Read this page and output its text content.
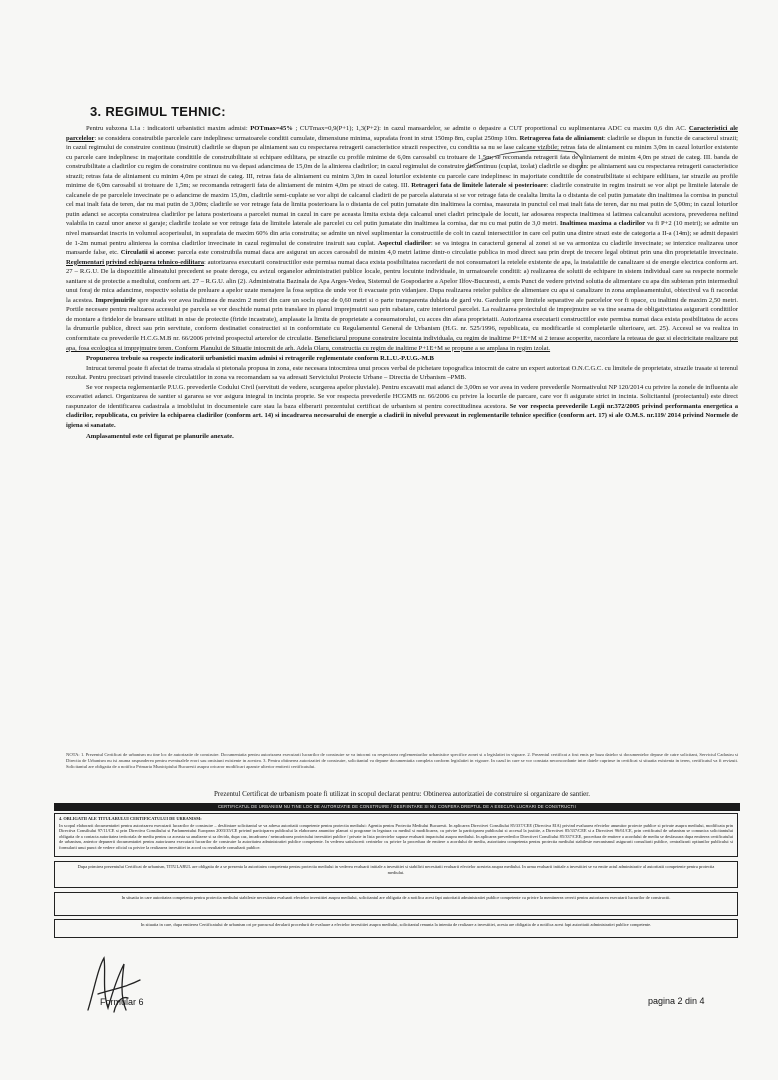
3. REGIMUL TEHNIC:

Pentru subzona L1a : indicatorii urbanistici maxim admisi: POTmax=45% ; CUTmax=0,9(P+1); 1,3(P+2): in cazul mansardelor, se admite o depasire a CUT proportional cu suplimentarea ADC cu maxim 0,6 din AC. Caracteristici ale parcelelor: se considera construibile parcelele care indeplinesc urmatoarele conditii cumulate, dimensiune minima, suprafata front in strut 150mp 8m, cuplat 250mp 10m. Retragerea fata de aliniament: cladirile se dispun in functie de caracterul strazii; in cazul regimului de construire continuu (insiruit) cladirile se dispun pe aliniament sau cu respectarea retragerii caracteristice strazii respective, cu conditia sa nu se lase calcane vizibile; retras fata de aliniament cu minim 3,0m in cazul loturilor existente cu parcele care indeplinesc in majoritate conditiile de construibilitate si echipare edilitara, pe strazile cu profile minime de 6,0m carosabil cu trotuare de 1,5m; se recomanda retragerii fata de aliniament de minim 4,0m pe strazi de categ. III. banda de construibilitate a cladirilor cu regim de construire continuu nu va depasi adancimea de 15,0m de la alinierea cladirilor; in cazul regimului de construire discontinuu (cuplat, izolat) cladirile se dispun: pe aliniament sau cu respectarea retragerii caracteristice strazii; retras fata de aliniament cu minim 4,0m pe strazi de categ. III, retras fata de aliniament cu minim 3,0m in cazul loturilor existente cu parcele care indeplinesc in majoritate conditiile de construibilitate si echipare edilitara, iar strazile au profile minime de 6,0m carosabil si trotuare de 1,5m; se recomanda retragerii fata de aliniament de minim 4,0m pe strazi de categ. III. Retrageri fata de limitele laterale si posterioare: cladirile construite in regim insiruit se vor alipi pe limitele laterale de calcanele de pe parcelele invecinate pe o adancime de maxim 15,0m, cladirile semi-cuplate se vor alipi de calcanul cladirii de pe parcela alaturata si se vor retrage fata de cealalta limita la o distanta de cel putin jumatate din inaltimea la cornisa in punctul cel mai inalt fata de teren, dar nu mai putin de 3,00m; cladirile se vor retrage fata de limita posterioara la o distanta de cel putin jumatate din inaltimea la cornisa, masurata in punctul cel mai inalt fata de teren, dar nu mai putin de 5,00m; in cazul loturilor putin adanci se accepta construirea cladirilor pe latura posterioara a parcelei numai in cazul in care pe aceasta limita exista deja calcanul unei cladiri principale de locuit, iar adosarea respecta inaltimea si latimea calcanului acestora, prevederea nefiind valabila in cazul unor anexe si garaje; cladirile izolate se vor retrage fata de limitele laterale ale parcelei cu cel putin jumatate din inaltimea la cornisa, dar nu cu mai putin de 3,0 metri. Inaltimea maxima a cladirilor va fi P+2 (10 metri); se admite un nivel mansardat inscris in volumul acoperisului, in suprafata de maxim 60% din aria construita; se admite un nivel suplimentar la constructiile de colt in cazul intersectiilor in care cel putin una dintre strazi este de categoria a II-a (14m); se admit depasiri de 1-2m numai pentru alinierea la cornisa cladirilor invecinate in cazul regimului de construire insiruit sau cuplat. Aspectul cladirilor: se va integra in caracterul general al zonei si se va armoniza cu cladirile invecinate; se interzice realizarea unor mansarde false, etc. Circulatii si accese: parcela este construibila numai daca are asigurat un acces carosabil de minim 4,0 metri latime dintr-o circulatie publica in mod direct sau prin drept de trecere legal obtinut prin una din proprietatile invecinate. Reglementari privind echiparea tehnico-edilitara: autorizarea executarii constructiilor este permisa numai daca exista posibilitatea racordarii de noi consumatori la retelele existente de apa, la instalatiile de canalizare si de energie electrica conform art. 27 – R.G.U. De la dispozitiile alineatului precedent se poate deroga, cu avizul organelor administratiei publice locale, pentru locuinte individuale, in urmatoarele conditii: a) realizarea de solutii de echipare in sistem individual care sa respecte normele sanitare si de protectie a mediului, conform art. 27 – R.G.U. alin (2). Administratia Bazinala de Apa Arges-Vedea, Sistemul de Gospodarire a Apelor Ilfov-Bucuresti, a emis Punct de vedere privind solutia de alimentare cu apa din subteran prin intermediul unui foraj de mica adancime, respectiv solutia de preluare a apelor uzate menajere la fosa septica de unde vor fi evacuate prin vidanjare. Dupa realizarea retelor publice de alimentare cu apa si canalizare in zona amplasamentului, obiectivul va fi racordat la acestea. Imprejmuirile spre strada vor avea inaltimea de maxim 2 metri din care un soclu opac de 0,60 metri si o parte transparenta dublata de gard viu. Gardurile spre limitele separative ale parcelelor vor fi opace, cu inaltimi de maxim 2,50 metri. Portile necesare pentru realizarea accesului pe parcela se vor deschide numai prin translare in planul imprejmuirii sau prin rabatare, catre interiorul parcelei. La realizarea proiectului de imprejmuire se va tine seama de obligativitatea asigurarii conditiilor de montare a firidelor de bransare utilitati in nise de protectie (firide incastrate), amplasate la limita de proprietate a consumatorului, cu acces din afara proprietatii. Autorizarea executarii constructiilor este permisa numai daca exista posibilitatea de acces la drumurile publice, direct sau prin servitute, conform destinatiei constructiei si in conformitate cu Regulamentul General de Urbanism (H.G. nr. 525/1996, republicata, cu modificarile si completarile ulterioare, art. 25). Accesul se va realiza in conformitate cu prevederile H.C.G.M.B nr. 66/2006 privind prospectul arterelor de circulatie. Beneficiarul propune construire locuinta individuala, cu regim de inaltime P+1E+M si 2 terase acoperite, racordare la reteaua de gaz si electricitate realizare put apa, fosa ecologica si imprejmuire teren. Conform Planului de Situatie intocmit de arh. Adela Olaru, constructia cu regim de inaltime P+1E+M se propune a se amplasa in regim izolat.

Propunerea trebuie sa respecte indicatorii urbanistici maxim admisi si retragerile reglementate conform R.L.U.-P.U.G.-M.B

Intrucat terenul poate fi afectat de trama stradala si pietonala propusa in zona, este necesara intocmirea unui proces verbal de pichetare topografica intocmit de catre un expert autorizat O.N.C.G.C. cu limitele de proprietate, strazile trasate si terenul rezultat. Pentru precizari privind traseele circulatiilor in zona va recomandam sa va adresati Serviciului Proiecte Urbane – Directia de Urbanism –PMB.

Se vor respecta reglementarile P.U.G. prevederile Codului Civil (servituti de vedere, scurgerea apelor pluviale). Pentru excavatii mai adanci de 3,00m se vor avea in vedere prevederile Normativului NP 120/2014 cu privire la zonele de influenta ale excavatiei adanci. Organizarea de santier si gararea se vor asigura integral in incinta proprie. Se vor respecta prevederile HCGMB nr. 66/2006 cu privire la locurile de parcare, care vor fi asigurate strict in incinta. Solicitantul (proiectantul) este direct raspunzator de identificarea cadastrala a imobilului in documentele care stau la baza eliberarii prezentului certificat de urbanism si pentru corectitudinea acestora. Se vor respecta prevederile Legii nr.372/2005 privind performanta energetica a cladirilor, republicata, cu privire la echiparea cladirilor (conform art. 14) si incadrarea necesarului de energie a cladirii in nivelul prevazut in reglementarile tehnice specifice (conform art. 17) si ale O.M.S. nr.119/ 2014 privind Normele de igiena si sanatate.

Amplasamentul este cel figurat pe planurile anexate.

NOTA: 1. Prezentul Certificat de urbanism nu tine loc de autorizatie de construire. Documentatia pentru autorizarea executarii lucrarilor de construire se va intocmi cu respectarea reglementarilor urbanistice specifice zonei si a legislatiei in vigoare. 2. Prezentul certificat a fost emis pe baza datelor si documentelor depuse de catre solicitant, Serviciul Cadastru si Directia de Urbanism nu isi asuma raspunderea pentru eventualele erori sau omisiuni existente in acestea. 3. Pentru obtinerea autorizatiei de construire, solicitantul va depune documentatia completa conform legislatiei in vigoare. In cazul in care se vor constata neconcordante intre datele cuprinse in certificat si situatia existenta in teren, certificatul va fi revizuit. Solicitantul are obligatia de a notifica Primaria Municipiului Bucuresti asupra oricaror modificari aparute ulterior emiterii certificatului.
Prezentul Certificat de urbanism poate fi utilizat in scopul declarat pentru: Obtinerea autorizatiei de construire si organizare de santier.
CERTIFICATUL DE URBANISM NU TINE LOC DE AUTORIZATIE DE CONSTRUIRE / DESFIINTARE SI NU CONFERA DREPTUL DE A EXECUTA LUCRARI DE CONSTRUCTII
4. OBLIGATII ALE TITULARULUI CERTIFICATULUI DE URBANISM:
In scopul elaborarii documentatiei pentru autorizarea executarii lucrarilor de construire – desfiintare solicitantul se va adresa autoritatii competente pentru protectia mediului: Agentia pentru Protectia Mediului Bucuresti. In aplicarea Directivei Consiliului 85/337/CEE (Directiva EIA) privind evaluarea efectelor anumitor proiecte publice si private asupra mediului, modificata prin Directiva Consiliului 97/11/CE si prin Directiva Consiliului si Parlamentului European 2003/35/CE privind participarea publicului la elaborarea anumitor planuri si programe in legatura cu mediul si modificarea, cu privire la participarea publicului si accesul la justitie, a Directivei 85/337/CEE si a Directivei 96/61/CE, prin certificatul de urbanism se comunica solicitantului obligatia de a contacta autoritatea teritoriala de mediu pentru ca aceasta sa analizeze si sa decida, dupa caz, incadrarea / neincadrarea proiectului investitiei publice / private in lista proiectelor supuse evaluarii impactului asupra mediului. In aplicarea prevederilor Directivei Consiliului 85/337/CEE, procedura de emitere a acordului de mediu se desfasoara dupa emiterea certificatului de urbanism, anterior depunerii documentatiei pentru autorizarea executarii lucrarilor de construire la autoritatea administratiei publice competente. In vederea satisfacerii cerintelor cu privire la procedura de emitere a acordului de mediu, autoritatea competenta pentru protectia mediului stabileste mecanismul asigurarii consultarii publice, centralizarii optiunilor publicului si formularii unui punct de vedere oficial cu privire la realizarea investitiei in acord cu rezultatele consultarii publice.
Dupa primirea prezentului Certificat de urbanism, TITULARUL are obligatia de a se prezenta la autoritatea competenta pentru protectia mediului in vederea evaluarii initiale a investitiei si stabilirii necesitatii evaluarii efectelor acesteia asupra mediului. In urma evaluarii initiale a investitiei se va emite actul administrativ al autoritatii competente pentru protectia mediului.
In situatia in care autoritatea competenta pentru protectia mediului stabileste necesitatea evaluarii efectelor investitiei asupra mediului, solicitantul are obligatia de a notifica acest fapt autoritatii administratiei publice competente cu privire la mentinerea cererii pentru autorizarea executarii lucrarilor de constructii.
In situatia in care, dupa emiterea Certificatului de urbanism ori pe parcursul derularii procedurii de evaluare a efectelor investitiei asupra mediului, solicitantul renunta la intentia de realizare a investitiei, acesta are obligatia de a notifica acest fapt autoritatii administratiei publice competente.
Formular 6	pagina 2 din 4
